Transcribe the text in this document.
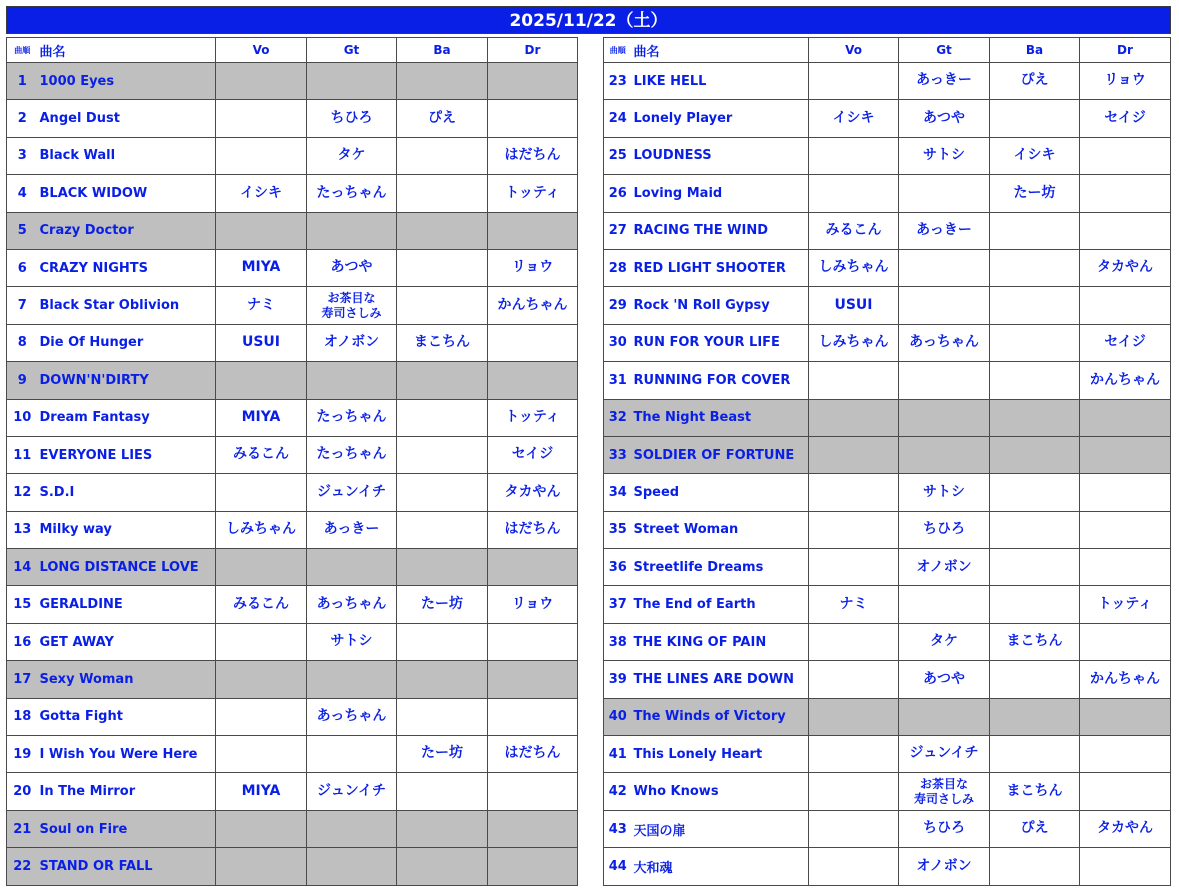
2025/11/22（土）
曲順	曲名	Vo	Gt	Ba	Dr
1	1000 Eyes				
2	Angel Dust		ちひろ	ぴえ	
3	Black Wall		タケ		はだちん
4	BLACK WIDOW	イシキ	たっちゃん		トッティ
5	Crazy Doctor				
6	CRAZY NIGHTS	MIYA	あつや		リョウ
7	Black Star Oblivion	ナミ	お茶目な
寿司さしみ		かんちゃん
8	Die Of Hunger	USUI	オノボン	まこちん	
9	DOWN'N'DIRTY				
10	Dream Fantasy	MIYA	たっちゃん		トッティ
11	EVERYONE LIES	みるこん	たっちゃん		セイジ
12	S.D.I		ジュンイチ		タカやん
13	Milky way	しみちゃん	あっきー		はだちん
14	LONG DISTANCE LOVE				
15	GERALDINE	みるこん	あっちゃん	たー坊	リョウ
16	GET AWAY		サトシ		
17	Sexy Woman				
18	Gotta Fight		あっちゃん		
19	I Wish You Were Here			たー坊	はだちん
20	In The Mirror	MIYA	ジュンイチ		
21	Soul on Fire				
22	STAND OR FALL				
曲順	曲名	Vo	Gt	Ba	Dr
23	LIKE HELL		あっきー	ぴえ	リョウ
24	Lonely Player	イシキ	あつや		セイジ
25	LOUDNESS		サトシ	イシキ	
26	Loving Maid			たー坊	
27	RACING THE WIND	みるこん	あっきー		
28	RED LIGHT SHOOTER	しみちゃん			タカやん
29	Rock 'N Roll Gypsy	USUI			
30	RUN FOR YOUR LIFE	しみちゃん	あっちゃん		セイジ
31	RUNNING FOR COVER				かんちゃん
32	The Night Beast				
33	SOLDIER OF FORTUNE				
34	Speed		サトシ		
35	Street Woman		ちひろ		
36	Streetlife Dreams		オノボン		
37	The End of Earth	ナミ			トッティ
38	THE KING OF PAIN		タケ	まこちん	
39	THE LINES ARE DOWN		あつや		かんちゃん
40	The Winds of Victory				
41	This Lonely Heart		ジュンイチ		
42	Who Knows		お茶目な
寿司さしみ	まこちん	
43	天国の扉		ちひろ	ぴえ	タカやん
44	大和魂		オノボン		
